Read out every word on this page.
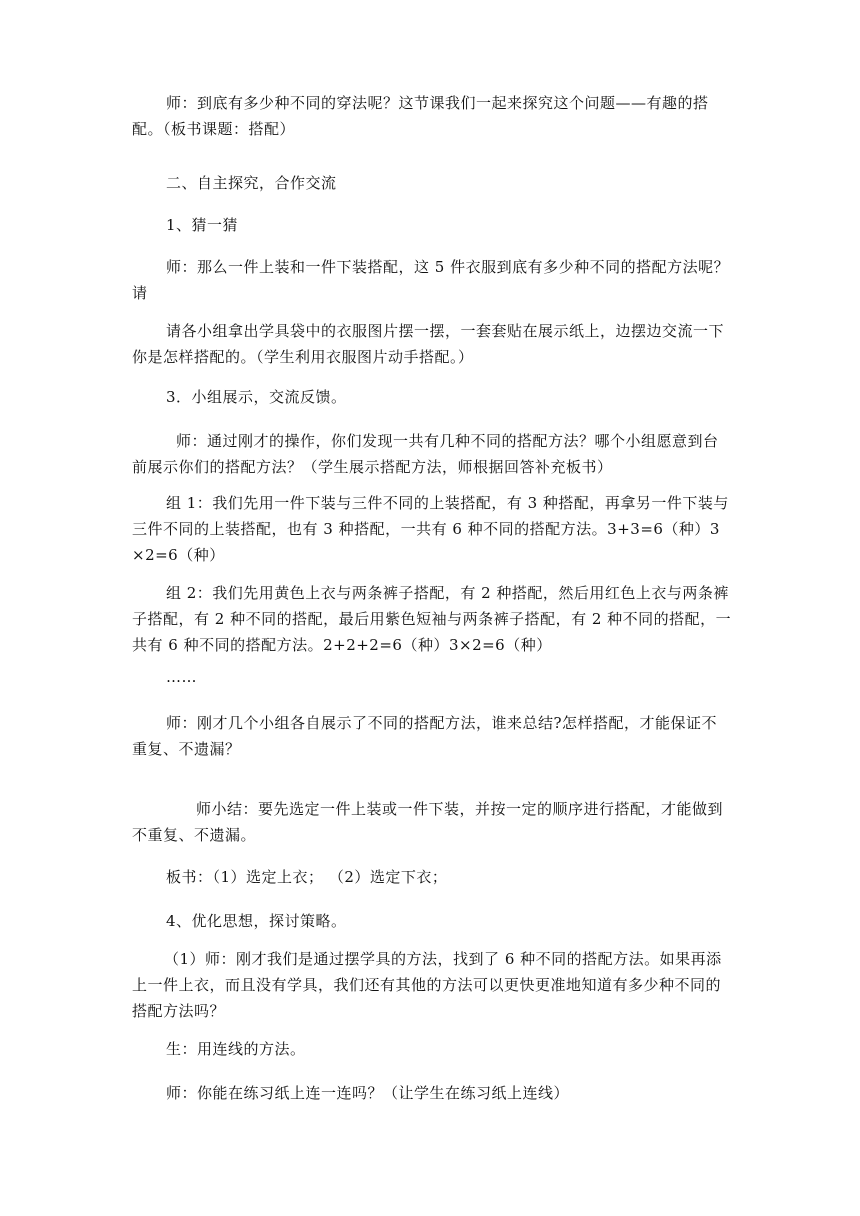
师：到底有多少种不同的穿法呢？这节课我们一起来探究这个问题——有趣的搭配。（板书课题：搭配）

二、自主探究，合作交流

1、猜一猜

师：那么一件上装和一件下装搭配，这 5 件衣服到底有多少种不同的搭配方法呢？请

请各小组拿出学具袋中的衣服图片摆一摆，一套套贴在展示纸上，边摆边交流一下你是怎样搭配的。（学生利用衣服图片动手搭配。）

3．小组展示，交流反馈。

师：通过刚才的操作，你们发现一共有几种不同的搭配方法？哪个小组愿意到台前展示你们的搭配方法？（学生展示搭配方法，师根据回答补充板书）

组 1：我们先用一件下装与三件不同的上装搭配，有 3 种搭配，再拿另一件下装与三件不同的上装搭配，也有 3 种搭配，一共有 6 种不同的搭配方法。3+3=6（种）3×2=6（种）

组 2：我们先用黄色上衣与两条裤子搭配，有 2 种搭配，然后用红色上衣与两条裤子搭配，有 2 种不同的搭配，最后用紫色短袖与两条裤子搭配，有 2 种不同的搭配，一共有 6 种不同的搭配方法。2+2+2=6（种）3×2=6（种）

……

师：刚才几个小组各自展示了不同的搭配方法，谁来总结?怎样搭配，才能保证不重复、不遗漏？

师小结：要先选定一件上装或一件下装，并按一定的顺序进行搭配，才能做到不重复、不遗漏。

板书：（1）选定上衣； （2）选定下衣；

4、优化思想，探讨策略。

（1）师：刚才我们是通过摆学具的方法，找到了 6 种不同的搭配方法。如果再添上一件上衣，而且没有学具，我们还有其他的方法可以更快更准地知道有多少种不同的搭配方法吗？

生：用连线的方法。

师：你能在练习纸上连一连吗？（让学生在练习纸上连线）
